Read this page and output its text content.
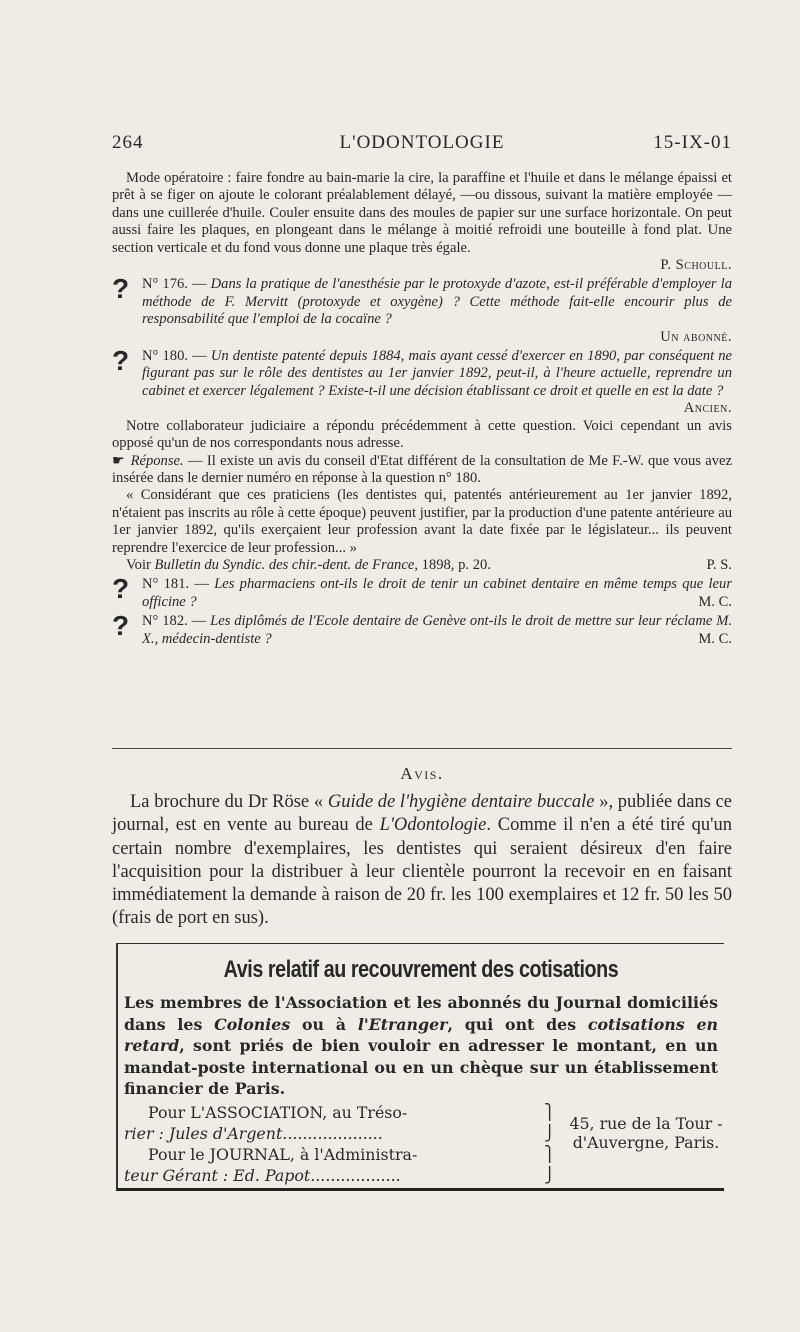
264	L'ODONTOLOGIE	15-IX-01

Mode opératoire : faire fondre au bain-marie la cire, la paraffine et l'huile et dans le mélange épaissi et prêt à se figer on ajoute le colorant préalablement délayé, —ou dissous, suivant la matière employée — dans une cuillerée d'huile. Couler ensuite dans des moules de papier sur une surface horizontale. On peut aussi faire les plaques, en plongeant dans le mélange à moitié refroidi une bouteille à fond plat. Une section verticale et du fond vous donne une plaque très égale.

P. Schoull.

? N° 176. — Dans la pratique de l'anesthésie par le protoxyde d'azote, est-il préférable d'employer la méthode de F. Mervitt (protoxyde et oxygène) ? Cette méthode fait-elle encourir plus de responsabilité que l'emploi de la cocaïne ?

Un abonné.

? N° 180. — Un dentiste patenté depuis 1884, mais ayant cessé d'exercer en 1890, par conséquent ne figurant pas sur le rôle des dentistes au 1er janvier 1892, peut-il, à l'heure actuelle, reprendre un cabinet et exercer légalement ? Existe-t-il une décision établissant ce droit et quelle en est la date ?

Ancien.

Notre collaborateur judiciaire a répondu précédemment à cette question. Voici cependant un avis opposé qu'un de nos correspondants nous adresse.

☛ Réponse. — Il existe un avis du conseil d'Etat différent de la consultation de Me F.-W. que vous avez insérée dans le dernier numéro en réponse à la question n° 180.

« Considérant que ces praticiens (les dentistes qui, patentés antérieurement au 1er janvier 1892, n'étaient pas inscrits au rôle à cette époque) peuvent justifier, par la production d'une patente antérieure au 1er janvier 1892, qu'ils exerçaient leur profession avant la date fixée par le législateur... ils peuvent reprendre l'exercice de leur profession... »

Voir Bulletin du Syndic. des chir.-dent. de France, 1898, p. 20.	P. S.

? N° 181. — Les pharmaciens ont-ils le droit de tenir un cabinet dentaire en même temps que leur officine ?	M. C.

? N° 182. — Les diplômés de l'Ecole dentaire de Genève ont-ils le droit de mettre sur leur réclame M. X., médecin-dentiste ?	M. C.

Avis.

La brochure du Dr Röse « Guide de l'hygiène dentaire buccale », publiée dans ce journal, est en vente au bureau de L'Odontologie. Comme il n'en a été tiré qu'un certain nombre d'exemplaires, les dentistes qui seraient désireux d'en faire l'acquisition pour la distribuer à leur clientèle pourront la recevoir en en faisant immédiatement la demande à raison de 20 fr. les 100 exemplaires et 12 fr. 50 les 50 (frais de port en sus).

Avis relatif au recouvrement des cotisations

Les membres de l'Association et les abonnés du Journal domiciliés dans les Colonies ou à l'Etranger, qui ont des cotisations en retard, sont priés de bien vouloir en adresser le montant, en un mandat-poste international ou en un chèque sur un établissement financier de Paris.

Pour L'ASSOCIATION, au Tréso-
rier : Jules d'Argent....................
Pour le JOURNAL, à l'Administra-
teur Gérant : Ed. Papot..................
⎫
⎭
⎫
⎭
45, rue de la Tour - d'Auvergne, Paris.
